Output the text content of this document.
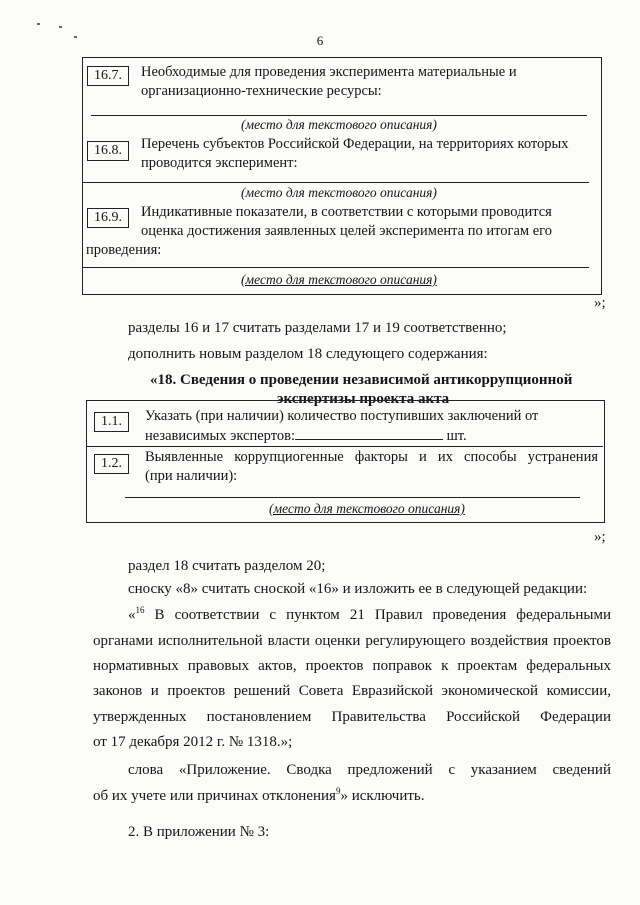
6
16.7.	Необходимые для проведения эксперимента материальные и
организационно-технические ресурсы:
(место для текстового описания)
16.8.	Перечень субъектов Российской Федерации, на территориях которых
проводится эксперимент:
(место для текстового описания)
16.9.	Индикативные показатели, в соответствии с которыми проводится
оценка достижения заявленных целей эксперимента по итогам его
проведения:
(место для текстового описания)
»;
разделы 16 и 17 считать разделами 17 и 19 соответственно;
дополнить новым разделом 18 следующего содержания:
«18. Сведения о проведении независимой антикоррупционной
экспертизы проекта акта
1.1.	Указать (при наличии) количество поступивших заключений от
независимых экспертов:	шт.
1.2.	Выявленные коррупциогенные факторы и их способы устранения
(при наличии):
(место для текстового описания)
»;
раздел 18 считать разделом 20;
сноску «8» считать сноской «16» и изложить ее в следующей редакции:
«$^{16}$ В соответствии с пунктом 21 Правил проведения федеральными
органами исполнительной власти оценки регулирующего воздействия проектов
нормативных правовых актов, проектов поправок к проектам федеральных
законов и проектов решений Совета Евразийской экономической комиссии,
утвержденных постановлением Правительства Российской Федерации
от 17 декабря 2012 г. № 1318.»;
слова «Приложение. Сводка предложений с указанием сведений
об их учете или причинах отклонения$^9$» исключить.
2. В приложении № 3:
